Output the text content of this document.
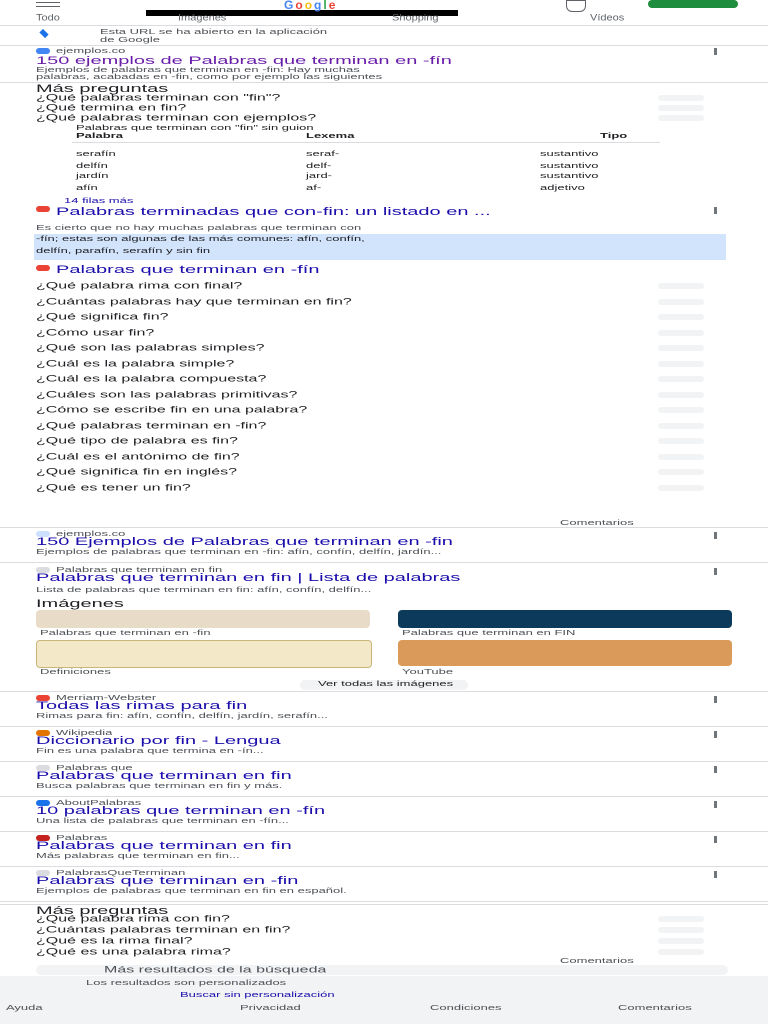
Google
Todo	Imágenes	Shopping	Vídeos
Esta URL se ha abierto en la aplicación
de Google
ejemplos.co
150 ejemplos de Palabras que terminan en -fín
Ejemplos de palabras que terminan en -fin: Hay muchas
palabras, acabadas en -fin, como por ejemplo las siguientes
Más preguntas
¿Qué palabras terminan con "fin"?
¿Qué termina en fin?
¿Qué palabras terminan con ejemplos?
Palabras que terminan con "fin" sin guion
Palabra	Lexema	Tipo
serafín	seraf-	sustantivo
delfín	delf-	sustantivo
jardín	jard-	sustantivo
afín	af-	adjetivo
14 filas más
Palabras terminadas que con-fin: un listado en ...
Es cierto que no hay muchas palabras que terminan con
-fín; estas son algunas de las más comunes: afín, confín,
delfín, parafín, serafín y sin fin
Palabras que terminan en -fín
¿Qué palabra rima con final?
¿Cuántas palabras hay que terminan en fin?
¿Qué significa fin?
¿Cómo usar fin?
¿Qué son las palabras simples?
¿Cuál es la palabra simple?
¿Cuál es la palabra compuesta?
¿Cuáles son las palabras primitivas?
¿Cómo se escribe fin en una palabra?
¿Qué palabras terminan en -fin?
¿Qué tipo de palabra es fin?
¿Cuál es el antónimo de fin?
¿Qué significa fin en inglés?
¿Qué es tener un fin?
Comentarios
ejemplos.co
150 Ejemplos de Palabras que terminan en -fin
Ejemplos de palabras que terminan en -fin: afín, confín, delfín, jardín...
Palabras que terminan en fin
Palabras que terminan en fin | Lista de palabras
Lista de palabras que terminan en fin: afín, confín, delfín...
Imágenes
Palabras que terminan en -fin	Palabras que terminan en FIN
Definiciones	YouTube
Ver todas las imágenes
Merriam-Webster
Todas las rimas para fin
Rimas para fin: afín, confín, delfín, jardín, serafín...
Wikipedia
Diccionario por fin - Lengua
Fin es una palabra que termina en -ín...
Palabras que
Palabras que terminan en fin
Busca palabras que terminan en fin y más.
AboutPalabras
10 palabras que terminan en -fín
Una lista de palabras que terminan en -fín...
Palabras
Palabras que terminan en fin
Más palabras que terminan en fin...
PalabrasQueTerminan
Palabras que terminan en -fin
Ejemplos de palabras que terminan en fin en español.
Más preguntas
¿Qué palabra rima con fin?
¿Cuántas palabras terminan en fin?
¿Qué es la rima final?
¿Qué es una palabra rima?
Comentarios
Más resultados de la búsqueda
Los resultados son personalizados
Buscar sin personalización
Ayuda	Privacidad	Condiciones	Comentarios
